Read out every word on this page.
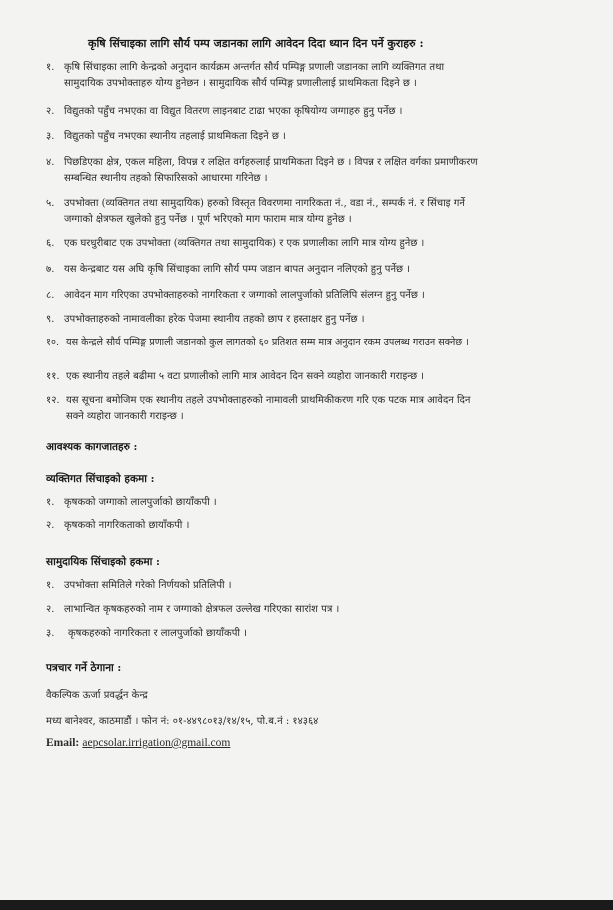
कृषि सिंचाइका लागि सौर्य पम्प जडानका लागि आवेदन दिदा ध्यान दिन पर्ने कुराहरु :
१. कृषि सिंचाइका लागि केन्द्रको अनुदान कार्यक्रम अन्तर्गत सौर्य पम्पिङ्ग प्रणाली जडानका लागि व्यक्तिगत तथा
सामुदायिक उपभोक्ताहरु योग्य हुनेछन । सामुदायिक सौर्य पम्पिङ्ग प्रणालीलाई प्राथमिकता दिइने छ ।
२. विद्युतको पहुँच नभएका वा विद्युत वितरण लाइनबाट टाढा भएका कृषियोग्य जग्गाहरु हुनु पर्नेछ ।
३. विद्युतको पहुँच नभएका स्थानीय तहलाई प्राथमिकता दिइने छ ।
४. पिछडिएका क्षेत्र, एकल महिला, विपन्न र लक्षित वर्गहरुलाई प्राथमिकता दिइने छ । विपन्न र लक्षित वर्गका प्रमाणीकरण
सम्बन्धित स्थानीय तहको सिफारिसको आधारमा गरिनेछ ।
५. उपभोक्ता (व्यक्तिगत तथा सामुदायिक) हरुको विस्तृत विवरणमा नागरिकता नं., वडा नं., सम्पर्क नं. र सिंचाइ गर्ने
जग्गाको क्षेत्रफल खुलेको हुनु पर्नेछ । पूर्ण भरिएको माग फाराम मात्र योग्य हुनेछ ।
६. एक घरधुरीबाट एक उपभोक्ता (व्यक्तिगत तथा सामुदायिक) र एक प्रणालीका लागि मात्र योग्य हुनेछ ।
७. यस केन्द्रबाट यस अघि कृषि सिंचाइका लागि सौर्य पम्प जडान बापत अनुदान नलिएको हुनु पर्नेछ ।
८. आवेदन माग गरिएका उपभोक्ताहरुको नागरिकता र जग्गाको लालपुर्जाको प्रतिलिपि संलग्न हुनु पर्नेछ ।
९. उपभोक्ताहरुको नामावलीका हरेक पेजमा स्थानीय तहको छाप र हस्ताक्षर हुनु पर्नेछ ।
१०. यस केन्द्रले सौर्य पम्पिङ्ग प्रणाली जडानको कुल लागतको ६० प्रतिशत सम्म मात्र अनुदान रकम उपलब्ध गराउन सक्नेछ ।
११. एक स्थानीय तहले बढीमा ५ वटा प्रणालीको लागि मात्र आवेदन दिन सक्ने व्यहोरा जानकारी गराइन्छ ।
१२. यस सूचना बमोजिम एक स्थानीय तहले उपभोक्ताहरुको नामावली प्राथमिकीकरण गरि एक पटक मात्र आवेदन दिन
सक्ने व्यहोरा जानकारी गराइन्छ ।
आवश्यक कागजातहरु :
व्यक्तिगत सिंचाइको हकमा :
१. कृषकको जग्गाको लालपुर्जाको छायाँकपी ।
२. कृषकको नागरिकताको छायाँकपी ।
सामुदायिक सिंचाइको हकमा :
१. उपभोक्ता समितिले गरेको निर्णयको प्रतिलिपी ।
२. लाभान्वित कृषकहरुको नाम र जग्गाको क्षेत्रफल उल्लेख गरिएका सारांश पत्र ।
३. कृषकहरुको नागरिकता र लालपुर्जाको छायाँकपी ।
पत्रचार गर्ने ठेगाना :
वैकल्पिक ऊर्जा प्रवर्द्धन केन्द्र
मध्य बानेश्वर, काठमाडौं । फोन नं: ०१-४४९८०१३/१४/१५, पो.ब.नं : १४३६४
Email: aepcsolar.irrigation@gmail.com
